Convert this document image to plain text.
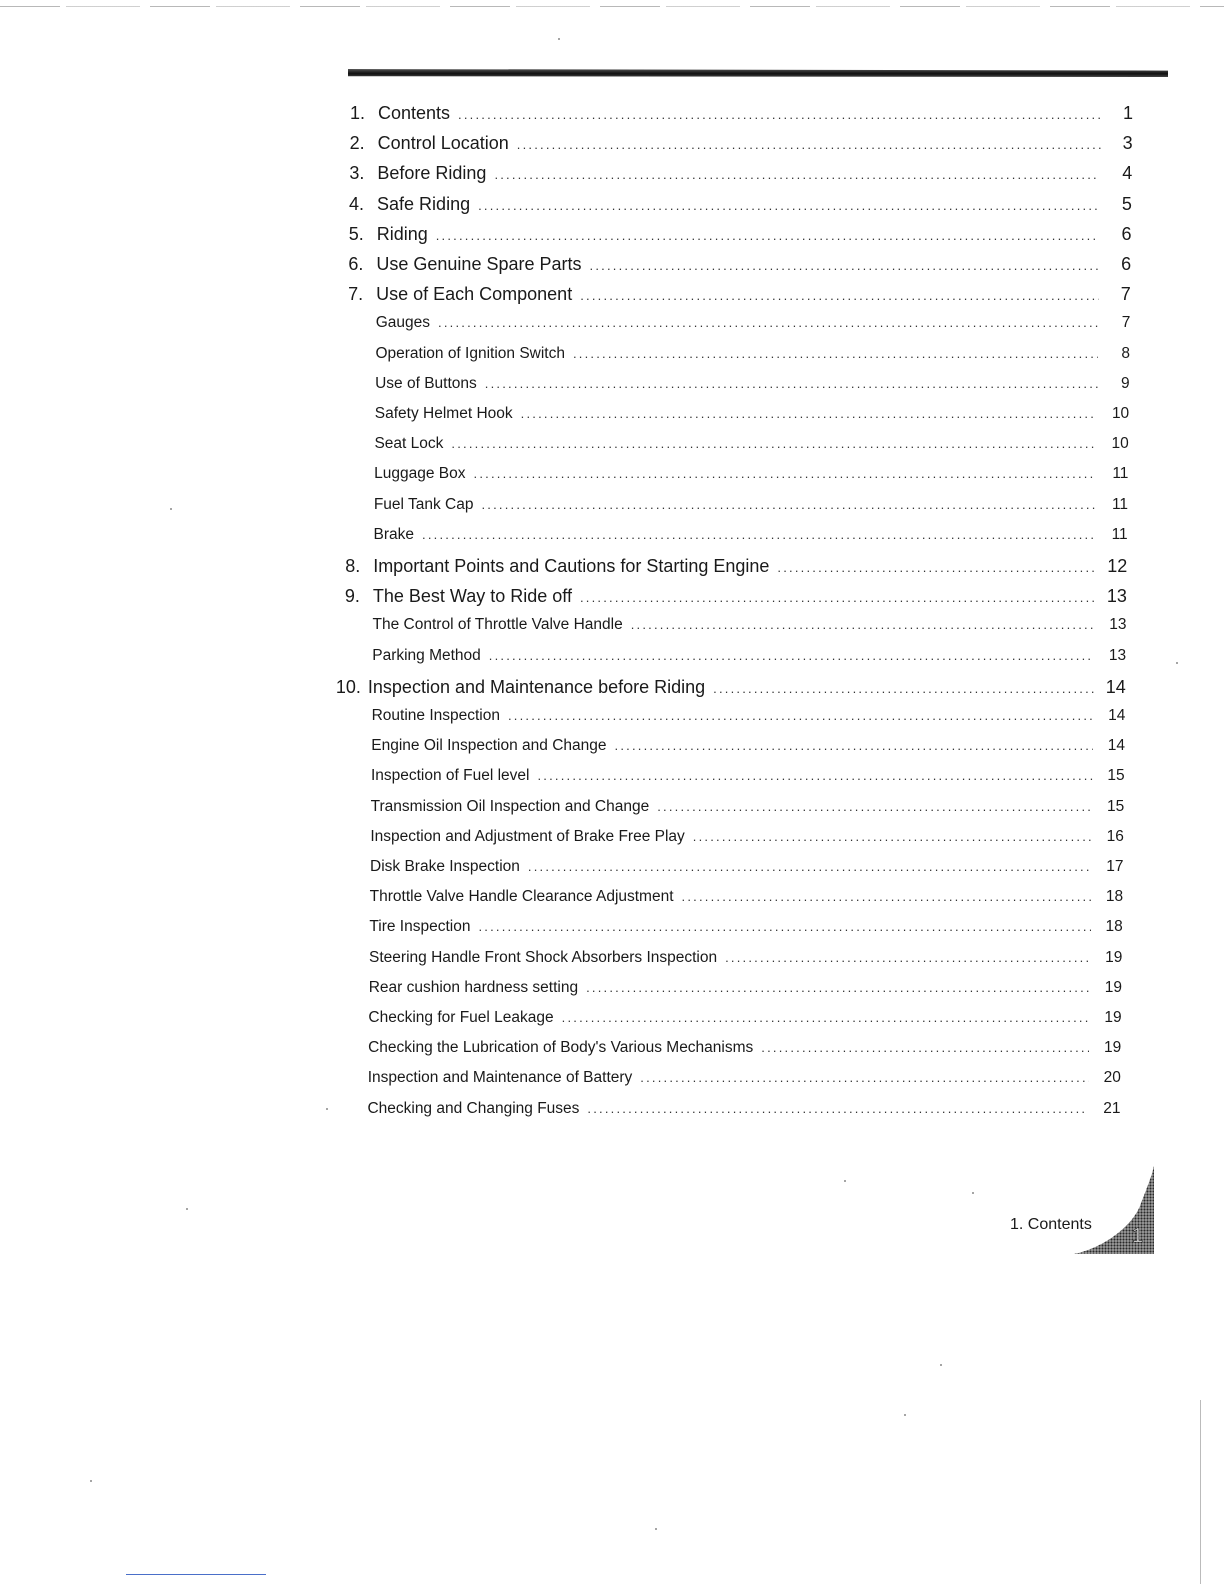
1. Contents .....	1
2. Control Location .....	3
3. Before Riding .....	4
4. Safe Riding .....	5
5. Riding .....	6
6. Use Genuine Spare Parts .....	6
7. Use of Each Component .....	7
Gauges .....	7
Operation of Ignition Switch .....	8
Use of Buttons .....	9
Safety Helmet Hook .....	10
Seat Lock .....	10
Luggage Box .....	11
Fuel Tank Cap .....	11
Brake .....	11
8. Important Points and Cautions for Starting Engine .....	12
9. The Best Way to Ride off .....	13
The Control of Throttle Valve Handle .....	13
Parking Method .....	13
10. Inspection and Maintenance before Riding .....	14
Routine Inspection .....	14
Engine Oil Inspection and Change .....	14
Inspection of Fuel level .....	15
Transmission Oil Inspection and Change .....	15
Inspection and Adjustment of Brake Free Play .....	16
Disk Brake Inspection .....	17
Throttle Valve Handle Clearance Adjustment .....	18
Tire Inspection .....	18
Steering Handle Front Shock Absorbers Inspection .....	19
Rear cushion hardness setting .....	19
Checking for Fuel Leakage .....	19
Checking the Lubrication of Body's Various Mechanisms .....	19
Inspection and Maintenance of Battery .....	20
Checking and Changing Fuses .....	21
1. Contents
1
